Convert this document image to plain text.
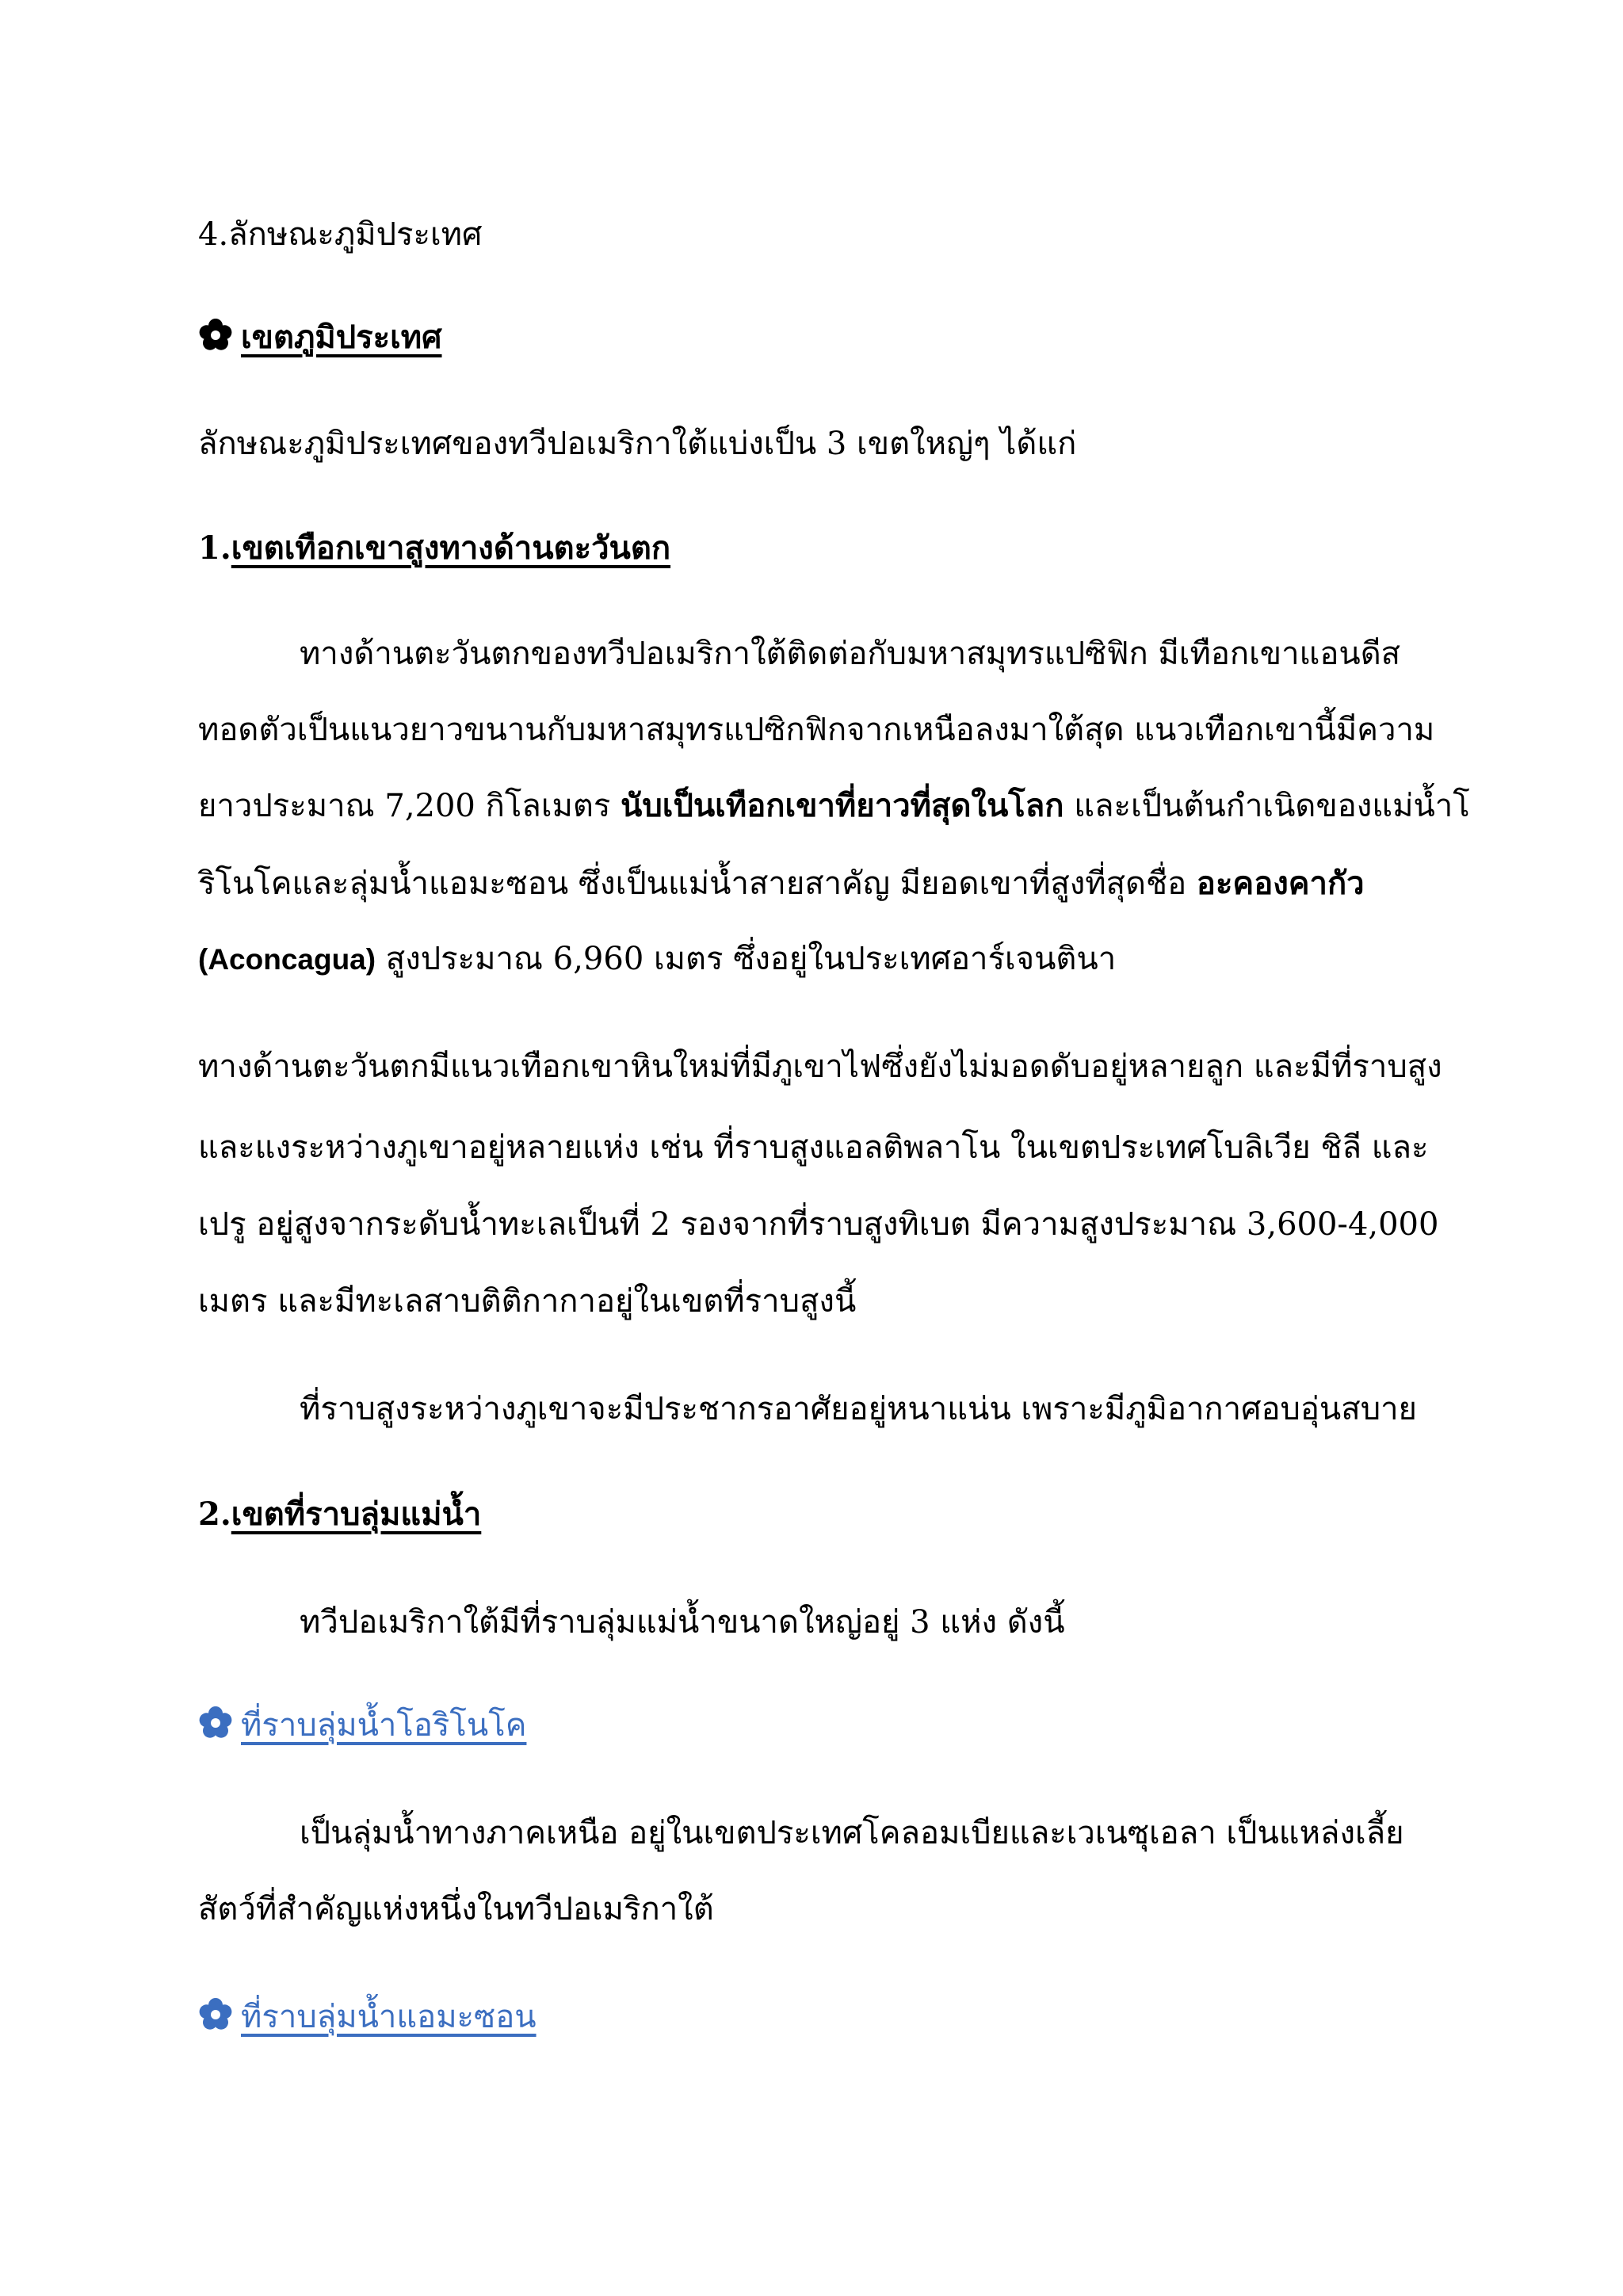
4.ลักษณะภูมิประเทศ
เขตภูมิประเทศ
ลักษณะภูมิประเทศของทวีปอเมริกาใต้แบ่งเป็น 3 เขตใหญ่ๆ ได้แก่
1.เขตเทือกเขาสูงทางด้านตะวันตก
ทางด้านตะวันตกของทวีปอเมริกาใต้ติดต่อกับมหาสมุทรแปซิฟิก มีเทือกเขาแอนดีส
ทอดตัวเป็นแนวยาวขนานกับมหาสมุทรแปซิกฟิกจากเหนือลงมาใต้สุด แนวเทือกเขานี้มีความ
ยาวประมาณ 7,200 กิโลเมตร นับเป็นเทือกเขาที่ยาวที่สุดในโลก และเป็นต้นกำเนิดของแม่น้ำโ
ริโนโคและลุ่มน้ำแอมะซอน ซึ่งเป็นแม่น้ำสายสาคัญ มียอดเขาที่สูงที่สุดชื่อ อะคองคากัว
(Aconcagua) สูงประมาณ 6,960 เมตร ซึ่งอยู่ในประเทศอาร์เจนตินา
ทางด้านตะวันตกมีแนวเทือกเขาหินใหม่ที่มีภูเขาไฟซึ่งยังไม่มอดดับอยู่หลายลูก และมีที่ราบสูง
และแงระหว่างภูเขาอยู่หลายแห่ง เช่น ที่ราบสูงแอลติพลาโน ในเขตประเทศโบลิเวีย ชิลี และ
เปรู อยู่สูงจากระดับน้ำทะเลเป็นที่ 2 รองจากที่ราบสูงทิเบต มีความสูงประมาณ 3,600-4,000
เมตร และมีทะเลสาบติติกากาอยู่ในเขตที่ราบสูงนี้
ที่ราบสูงระหว่างภูเขาจะมีประชากรอาศัยอยู่หนาแน่น เพราะมีภูมิอากาศอบอุ่นสบาย
2.เขตที่ราบลุ่มแม่น้ำ
ทวีปอเมริกาใต้มีที่ราบลุ่มแม่น้ำขนาดใหญ่อยู่ 3 แห่ง ดังนี้
ที่ราบลุ่มน้ำโอริโนโค
เป็นลุ่มน้ำทางภาคเหนือ อยู่ในเขตประเทศโคลอมเบียและเวเนซุเอลา เป็นแหล่งเลี้ย
สัตว์ที่สำคัญแห่งหนึ่งในทวีปอเมริกาใต้
ที่ราบลุ่มน้ำแอมะซอน
